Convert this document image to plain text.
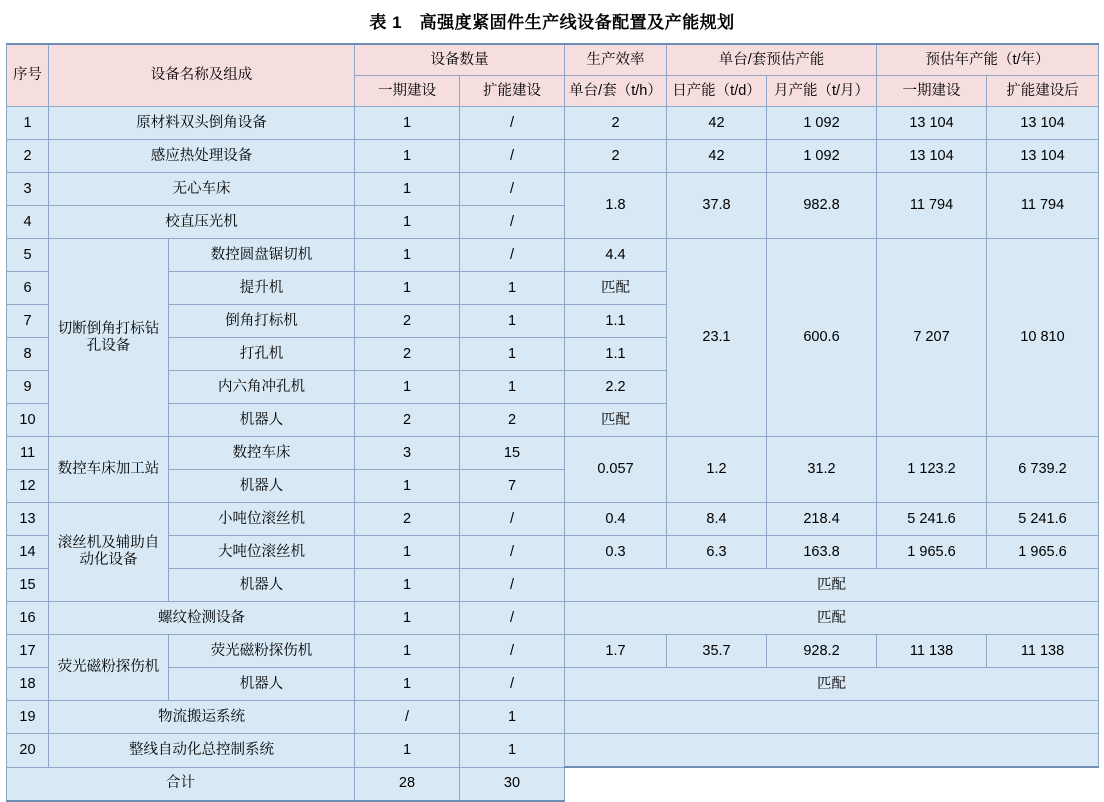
表 1　高强度紧固件生产线设备配置及产能规划
序号	设备名称及组成		设备数量		生产效率	单台/套预估产能		预估年产能（t/年）	
			一期建设	扩能建设	单台/套（t/h）	日产能（t/d）	月产能（t/月）	一期建设	扩能建设后
1	原材料双头倒角设备		1	/	2	42	1 092	13 104	13 104
2	感应热处理设备		1	/	2	42	1 092	13 104	13 104
3	无心车床		1	/	1.8	37.8	982.8	11 794	11 794
4	校直压光机		1	/					
5	切断倒角打标钻孔设备	数控圆盘锯切机	1	/	4.4	23.1	600.6	7 207	10 810
6		提升机	1	1	匹配				
7		倒角打标机	2	1	1.1				
8		打孔机	2	1	1.1				
9		内六角冲孔机	1	1	2.2				
10		机器人	2	2	匹配				
11	数控车床加工站	数控车床	3	15	0.057	1.2	31.2	1 123.2	6 739.2
12		机器人	1	7					
13	滚丝机及辅助自动化设备	小吨位滚丝机	2	/	0.4	8.4	218.4	5 241.6	5 241.6
14		大吨位滚丝机	1	/	0.3	6.3	163.8	1 965.6	1 965.6
15		机器人	1	/	匹配				
16	螺纹检测设备		1	/	匹配				
17	荧光磁粉探伤机	荧光磁粉探伤机	1	/	1.7	35.7	928.2	11 138	11 138
18		机器人	1	/	匹配				
19	物流搬运系统		/	1					
20	整线自动化总控制系统		1	1					
合计			28	30					
